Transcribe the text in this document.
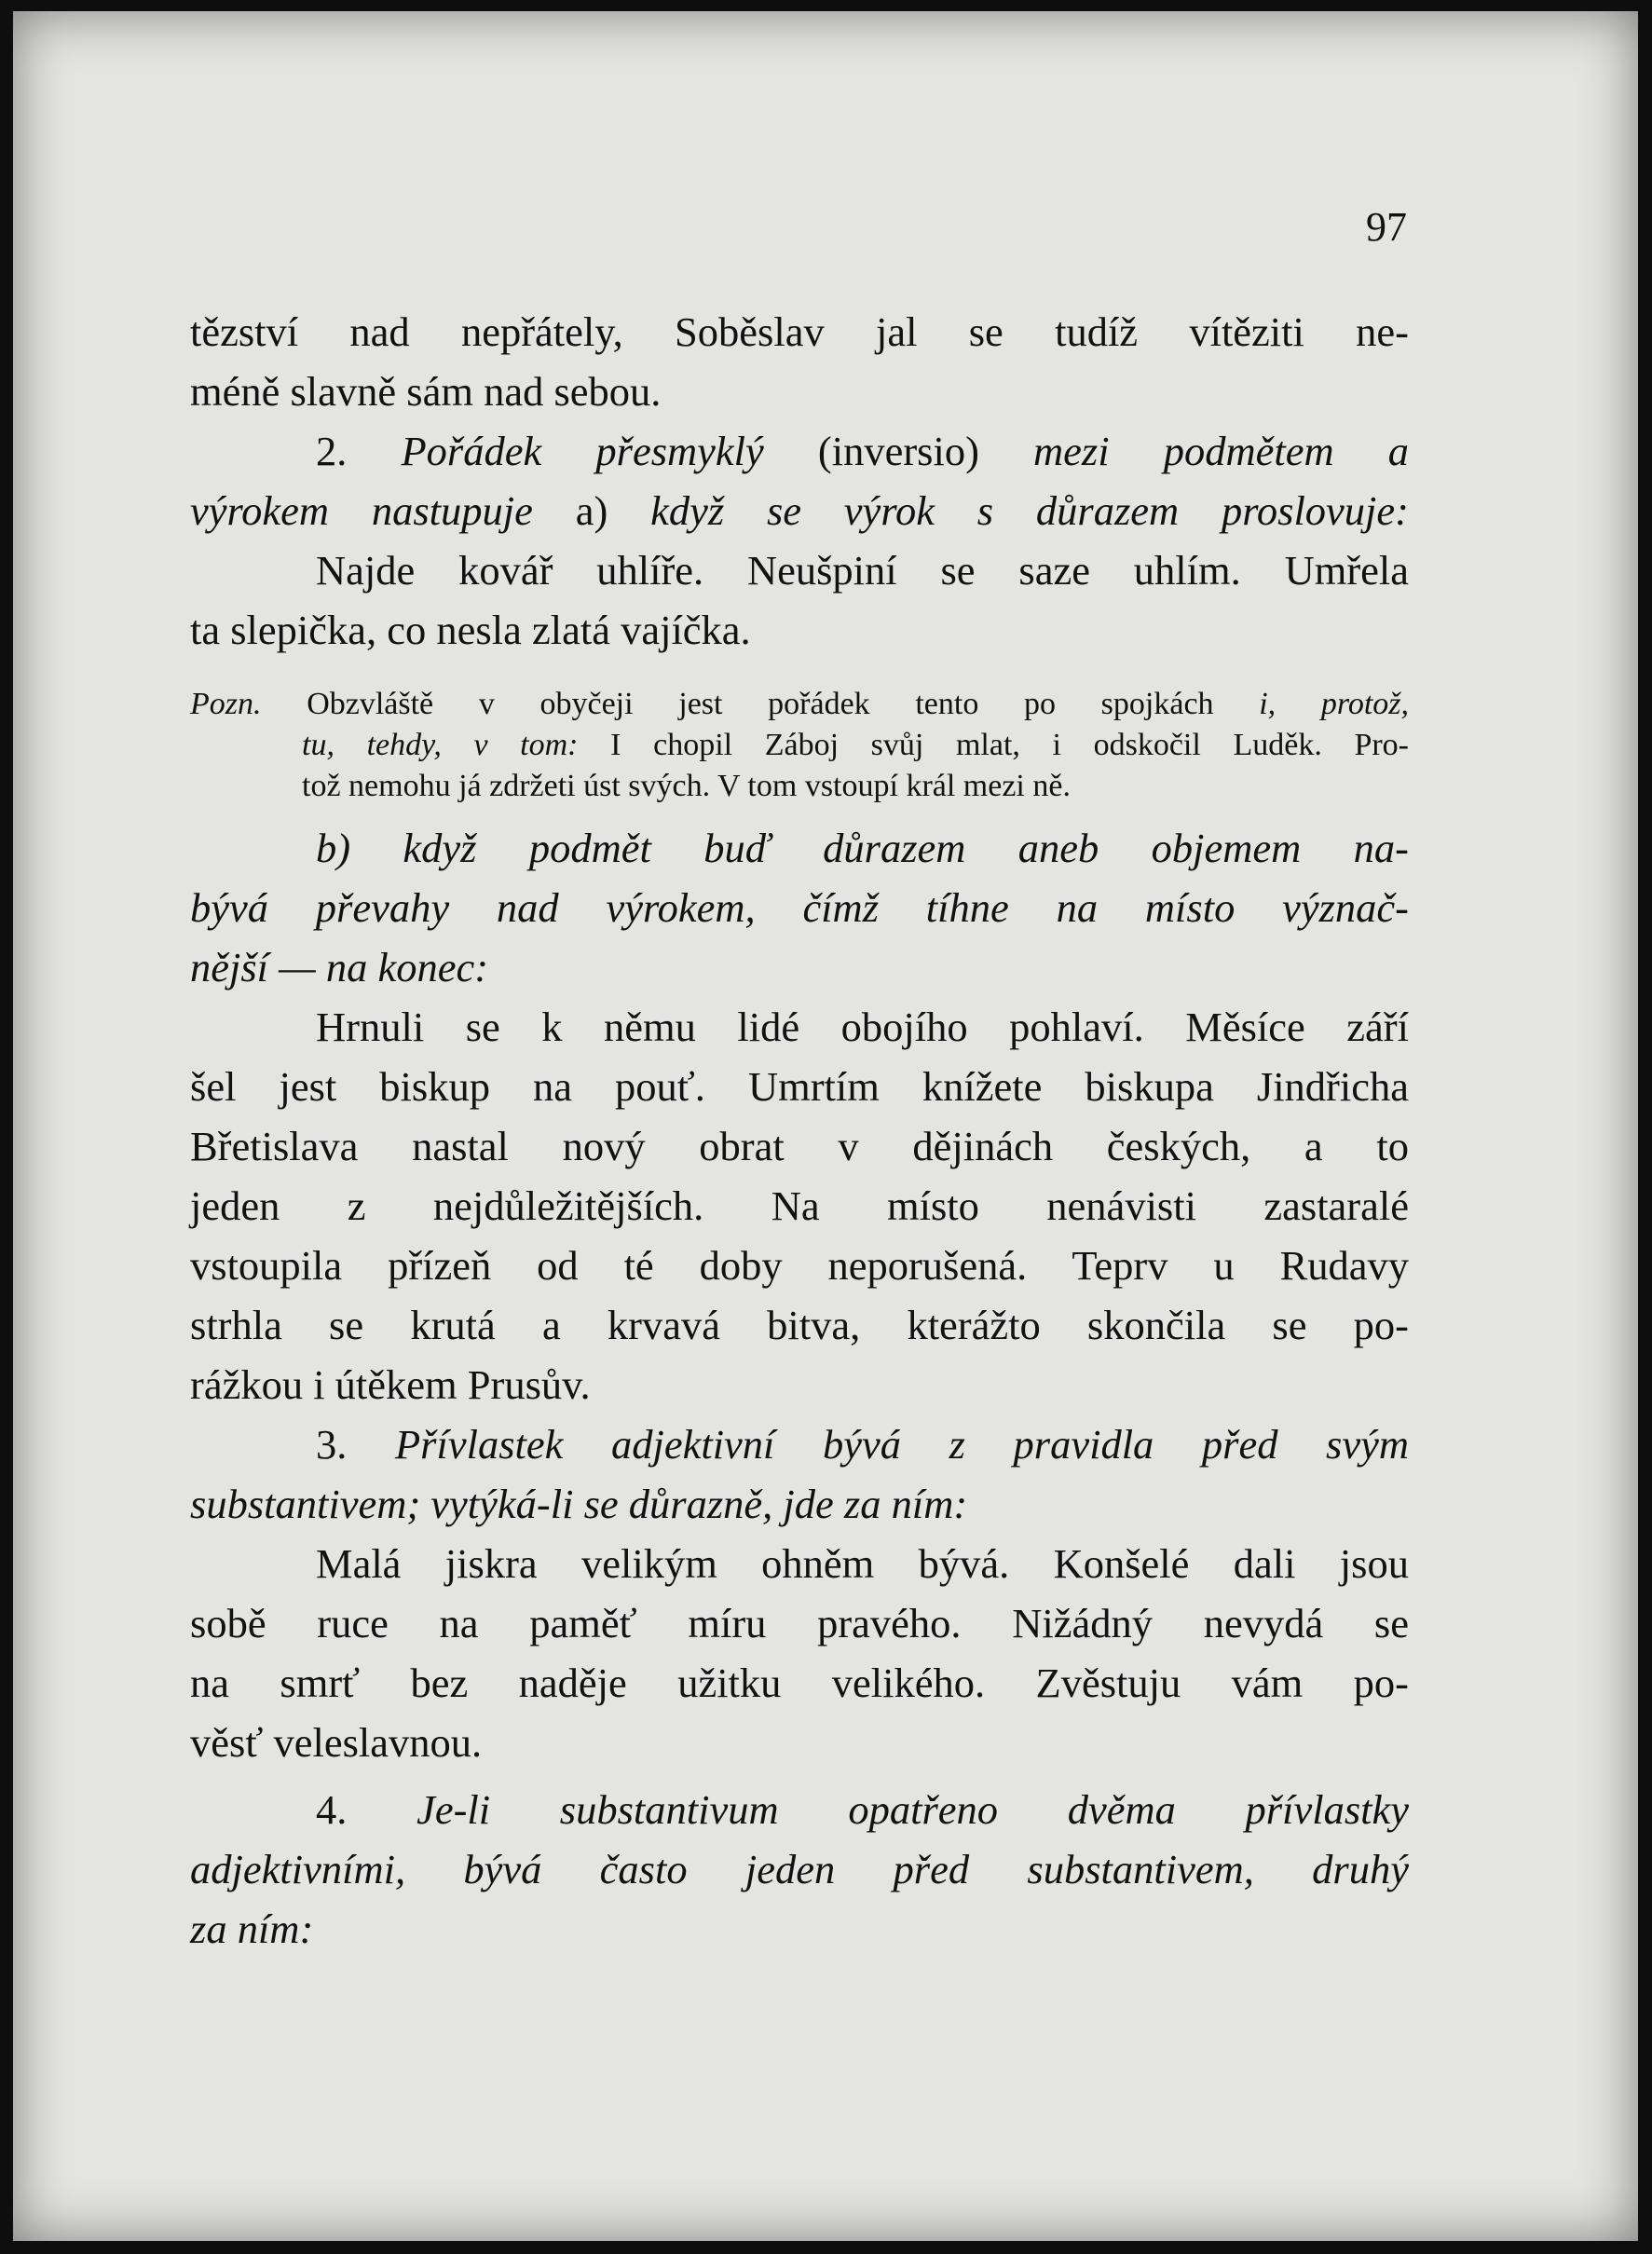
97

tězství nad nepřátely, Soběslav jal se tudíž vítěziti ne-
méně slavně sám nad sebou.

2. Pořádek přesmyklý (inversio) mezi podmětem a
výrokem nastupuje a) když se výrok s důrazem proslovuje:
Najde kovář uhlíře. Neušpiní se saze uhlím. Umřela
ta slepička, co nesla zlatá vajíčka.

Pozn. Obzvláště v obyčeji jest pořádek tento po spojkách i, protož,
tu, tehdy, v tom: I chopil Záboj svůj mlat, i odskočil Luděk. Pro-
tož nemohu já zdržeti úst svých. V tom vstoupí král mezi ně.

b) když podmět buď důrazem aneb objemem na-
bývá převahy nad výrokem, čímž tíhne na místo význač-
nější — na konec:

Hrnuli se k němu lidé obojího pohlaví. Měsíce září
šel jest biskup na pouť. Umrtím knížete biskupa Jindřicha
Břetislava nastal nový obrat v dějinách českých, a to
jeden z nejdůležitějších. Na místo nenávisti zastaralé
vstoupila přízeň od té doby neporušená. Teprv u Rudavy
strhla se krutá a krvavá bitva, kterážto skončila se po-
rážkou i útěkem Prusův.

3. Přívlastek adjektivní bývá z pravidla před svým
substantivem; vytýká-li se důrazně, jde za ním:

Malá jiskra velikým ohněm bývá. Konšelé dali jsou
sobě ruce na paměť míru pravého. Nižádný nevydá se
na smrť bez naděje užitku velikého. Zvěstuju vám po-
věsť veleslavnou.

4. Je-li substantivum opatřeno dvěma přívlastky
adjektivními, bývá často jeden před substantivem, druhý
za ním:
